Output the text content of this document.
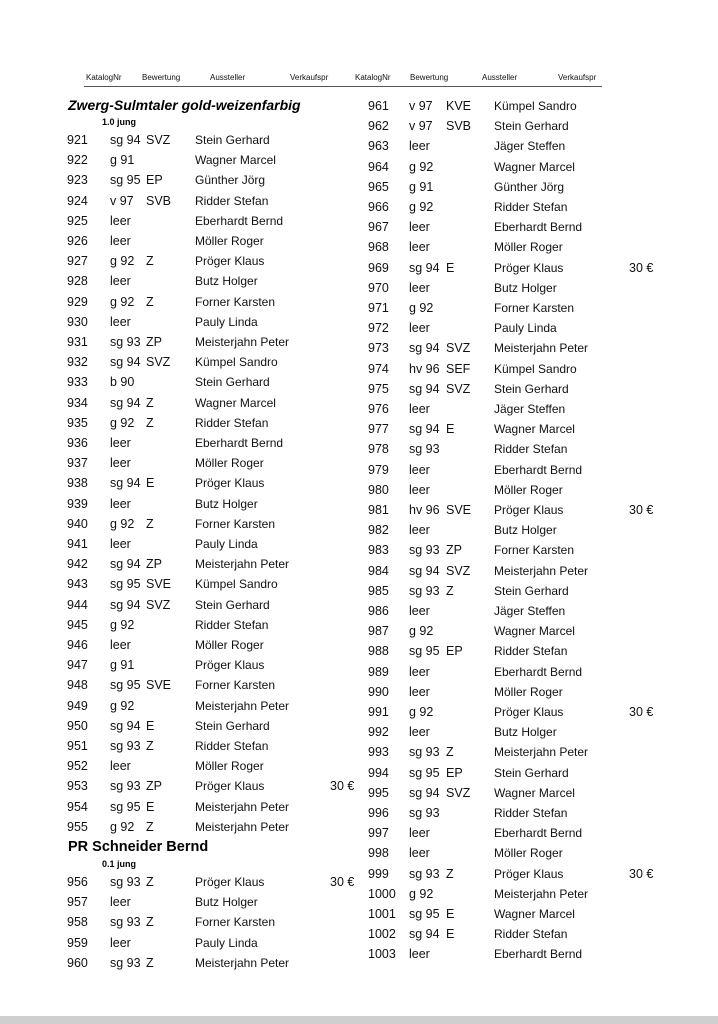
KatalogNr	Bewertung	Aussteller	Verkaufspr	KatalogNr Bewertung	Aussteller	Verkaufspr
Zwerg-Sulmtaler gold-weizenfarbig
1.0 jung
PR Schneider Bernd
0.1 jung
921 sg 94 SVZ Stein Gerhard
922 g 91	Wagner Marcel
923 sg 95 EP	Günther Jörg
924 v 97 SVB Ridder Stefan
925 leer	Eberhardt Bernd
926 leer	Möller Roger
927 g 92 Z	Pröger Klaus
928 leer	Butz Holger
929 g 92 Z	Forner Karsten
930 leer	Pauly Linda
931 sg 93 ZP	Meisterjahn Peter
932 sg 94 SVZ Kümpel Sandro
933 b 90	Stein Gerhard
934 sg 94 Z	Wagner Marcel
935 g 92 Z	Ridder Stefan
936 leer	Eberhardt Bernd
937 leer	Möller Roger
938 sg 94 E	Pröger Klaus
939 leer	Butz Holger
940 g 92 Z	Forner Karsten
941 leer	Pauly Linda
942 sg 94 ZP	Meisterjahn Peter
943 sg 95 SVE Kümpel Sandro
944 sg 94 SVZ Stein Gerhard
945 g 92	Ridder Stefan
946 leer	Möller Roger
947 g 91	Pröger Klaus
948 sg 95 SVE Forner Karsten
949 g 92	Meisterjahn Peter
950 sg 94 E	Stein Gerhard
951 sg 93 Z	Ridder Stefan
952 leer	Möller Roger
953 sg 93 ZP	Pröger Klaus	30 €
954 sg 95 E	Meisterjahn Peter
955 g 92 Z	Meisterjahn Peter
956 sg 93 Z	Pröger Klaus	30 €
957 leer	Butz Holger
958 sg 93 Z	Forner Karsten
959 leer	Pauly Linda
960 sg 93 Z	Meisterjahn Peter
961 v 97 KVE Kümpel Sandro
962 v 97 SVB Stein Gerhard
963 leer	Jäger Steffen
964 g 92	Wagner Marcel
965 g 91	Günther Jörg
966 g 92	Ridder Stefan
967 leer	Eberhardt Bernd
968 leer	Möller Roger
969 sg 94 E	Pröger Klaus	30 €
970 leer	Butz Holger
971 g 92	Forner Karsten
972 leer	Pauly Linda
973 sg 94 SVZ Meisterjahn Peter
974 hv 96 SEF Kümpel Sandro
975 sg 94 SVZ Stein Gerhard
976 leer	Jäger Steffen
977 sg 94 E	Wagner Marcel
978 sg 93	Ridder Stefan
979 leer	Eberhardt Bernd
980 leer	Möller Roger
981 hv 96 SVE Pröger Klaus	30 €
982 leer	Butz Holger
983 sg 93 ZP	Forner Karsten
984 sg 94 SVZ Meisterjahn Peter
985 sg 93 Z	Stein Gerhard
986 leer	Jäger Steffen
987 g 92	Wagner Marcel
988 sg 95 EP	Ridder Stefan
989 leer	Eberhardt Bernd
990 leer	Möller Roger
991 g 92	Pröger Klaus	30 €
992 leer	Butz Holger
993 sg 93 Z	Meisterjahn Peter
994 sg 95 EP	Stein Gerhard
995 sg 94 SVZ Wagner Marcel
996 sg 93	Ridder Stefan
997 leer	Eberhardt Bernd
998 leer	Möller Roger
999 sg 93 Z	Pröger Klaus	30 €
1000 g 92	Meisterjahn Peter
1001 sg 95 E	Wagner Marcel
1002 sg 94 E	Ridder Stefan
1003 leer	Eberhardt Bernd
